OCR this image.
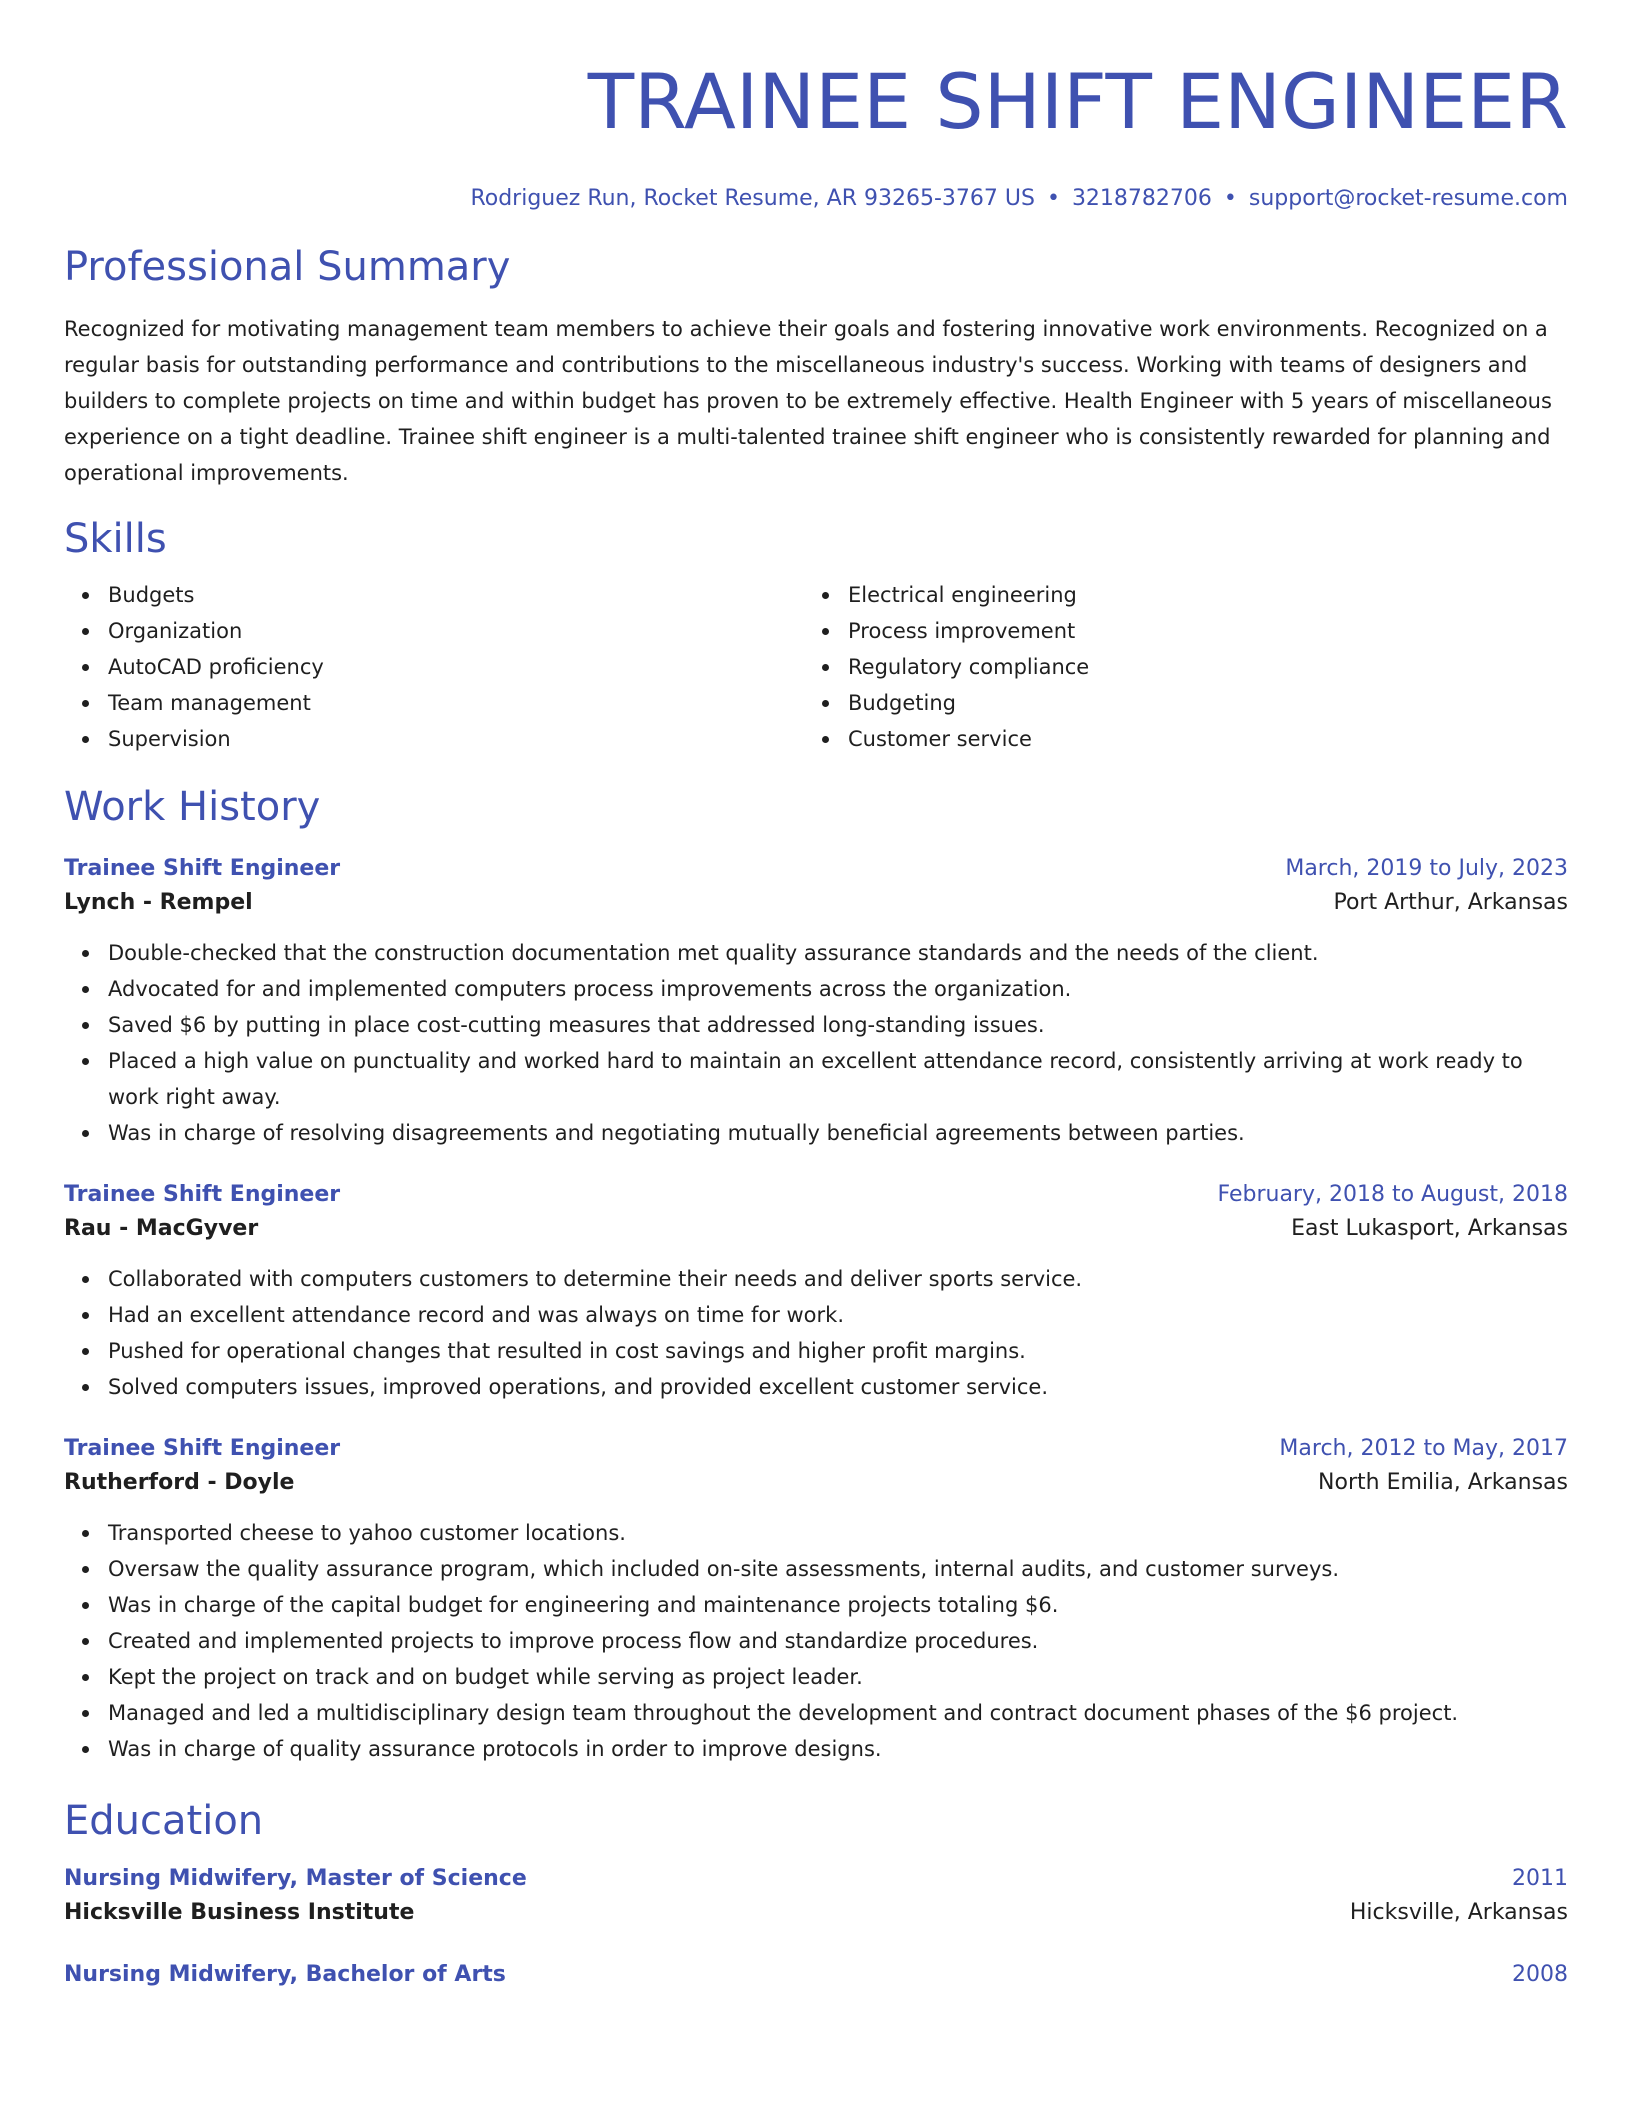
TRAINEE SHIFT ENGINEER
Rodriguez Run, Rocket Resume, AR 93265-3767 US • 3218782706 • support@rocket-resume.com
Professional Summary

Recognized for motivating management team members to achieve their goals and fostering innovative work environments. Recognized on a regular basis for outstanding performance and contributions to the miscellaneous industry's success. Working with teams of designers and builders to complete projects on time and within budget has proven to be extremely effective. Health Engineer with 5 years of miscellaneous experience on a tight deadline. Trainee shift engineer is a multi-talented trainee shift engineer who is consistently rewarded for planning and operational improvements.

Skills
Budgets
Organization
AutoCAD proficiency
Team management
Supervision
Electrical engineering
Process improvement
Regulatory compliance
Budgeting
Customer service
Work History
Trainee Shift Engineer	March, 2019 to July, 2023
Lynch - Rempel	Port Arthur, Arkansas
Double-checked that the construction documentation met quality assurance standards and the needs of the client.
Advocated for and implemented computers process improvements across the organization.
Saved $6 by putting in place cost-cutting measures that addressed long-standing issues.
Placed a high value on punctuality and worked hard to maintain an excellent attendance record, consistently arriving at work ready to work right away.
Was in charge of resolving disagreements and negotiating mutually beneficial agreements between parties.
Trainee Shift Engineer	February, 2018 to August, 2018
Rau - MacGyver	East Lukasport, Arkansas
Collaborated with computers customers to determine their needs and deliver sports service.
Had an excellent attendance record and was always on time for work.
Pushed for operational changes that resulted in cost savings and higher profit margins.
Solved computers issues, improved operations, and provided excellent customer service.
Trainee Shift Engineer	March, 2012 to May, 2017
Rutherford - Doyle	North Emilia, Arkansas
Transported cheese to yahoo customer locations.
Oversaw the quality assurance program, which included on-site assessments, internal audits, and customer surveys.
Was in charge of the capital budget for engineering and maintenance projects totaling $6.
Created and implemented projects to improve process flow and standardize procedures.
Kept the project on track and on budget while serving as project leader.
Managed and led a multidisciplinary design team throughout the development and contract document phases of the $6 project.
Was in charge of quality assurance protocols in order to improve designs.
Education
Nursing Midwifery, Master of Science	2011
Hicksville Business Institute	Hicksville, Arkansas
Nursing Midwifery, Bachelor of Arts	2008
